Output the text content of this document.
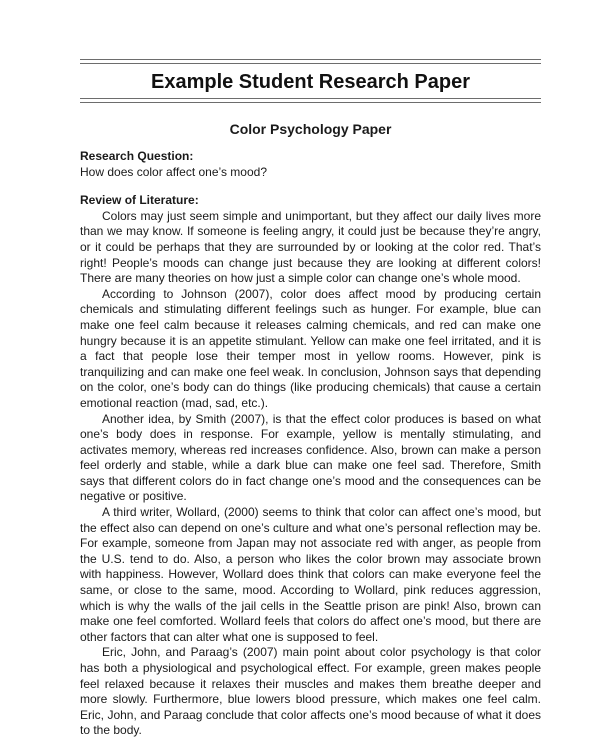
Example Student Research Paper
Color Psychology Paper

Research Question:

How does color affect one’s mood?

Review of Literature:

Colors may just seem simple and unimportant, but they affect our daily lives more than we may know. If someone is feeling angry, it could just be because they’re angry, or it could be perhaps that they are surrounded by or looking at the color red. That’s right! People’s moods can change just because they are looking at different colors! There are many theories on how just a simple color can change one’s whole mood.

According to Johnson (2007), color does affect mood by producing certain chemicals and stimulating different feelings such as hunger. For example, blue can make one feel calm because it releases calming chemicals, and red can make one hungry because it is an appetite stimulant. Yellow can make one feel irritated, and it is a fact that people lose their temper most in yellow rooms. However, pink is tranquilizing and can make one feel weak. In conclusion, Johnson says that depending on the color, one’s body can do things (like producing chemicals) that cause a certain emotional reaction (mad, sad, etc.).

Another idea, by Smith (2007), is that the effect color produces is based on what one’s body does in response. For example, yellow is mentally stimulating, and activates memory, whereas red increases confidence. Also, brown can make a person feel orderly and stable, while a dark blue can make one feel sad. Therefore, Smith says that different colors do in fact change one’s mood and the consequences can be negative or positive.

A third writer, Wollard, (2000) seems to think that color can affect one’s mood, but the effect also can depend on one’s culture and what one’s personal reflection may be. For example, someone from Japan may not associate red with anger, as people from the U.S. tend to do. Also, a person who likes the color brown may associate brown with happiness. However, Wollard does think that colors can make everyone feel the same, or close to the same, mood. According to Wollard, pink reduces aggression, which is why the walls of the jail cells in the Seattle prison are pink! Also, brown can make one feel comforted. Wollard feels that colors do affect one’s mood, but there are other factors that can alter what one is supposed to feel.

Eric, John, and Paraag’s (2007) main point about color psychology is that color has both a physiological and psychological effect. For example, green makes people feel relaxed because it relaxes their muscles and makes them breathe deeper and more slowly. Furthermore, blue lowers blood pressure, which makes one feel calm. Eric, John, and Paraag conclude that color affects one’s mood because of what it does to the body.
